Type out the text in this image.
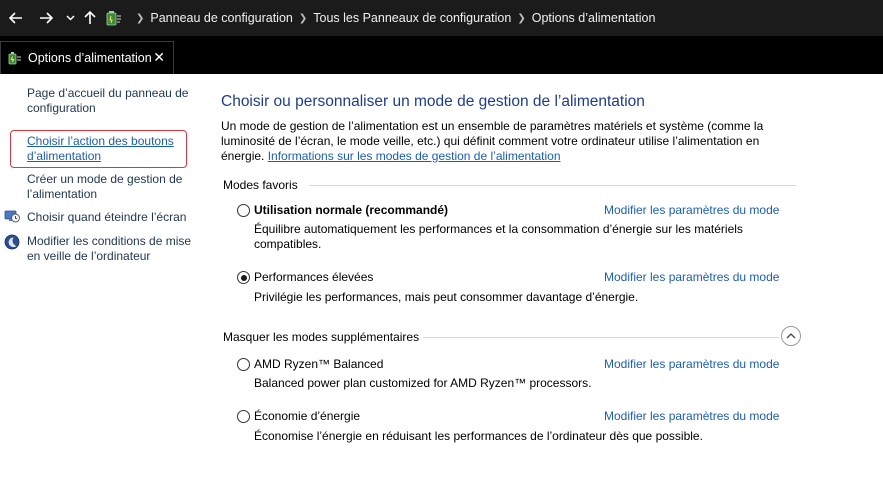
❯ Panneau de configuration ❯ Tous les Panneaux de configuration ❯ Options d’alimentation
Options d’alimentation ✕
Page d’accueil du panneau de
configuration
Choisir l’action des boutons
d’alimentation
Créer un mode de gestion de
l’alimentation
Choisir quand éteindre l’écran
Modifier les conditions de mise
en veille de l’ordinateur
Choisir ou personnaliser un mode de gestion de l’alimentation
Un mode de gestion de l’alimentation est un ensemble de paramètres matériels et système (comme la
luminosité de l’écran, le mode veille, etc.) qui définit comment votre ordinateur utilise l’alimentation en
énergie. Informations sur les modes de gestion de l’alimentation
Modes favoris
Utilisation normale (recommandé)	Modifier les paramètres du mode
Équilibre automatiquement les performances et la consommation d’énergie sur les matériels
compatibles.
Performances élevées	Modifier les paramètres du mode
Privilégie les performances, mais peut consommer davantage d’énergie.
Masquer les modes supplémentaires
AMD Ryzen™ Balanced	Modifier les paramètres du mode
Balanced power plan customized for AMD Ryzen™ processors.
Économie d’énergie	Modifier les paramètres du mode
Économise l’énergie en réduisant les performances de l’ordinateur dès que possible.
